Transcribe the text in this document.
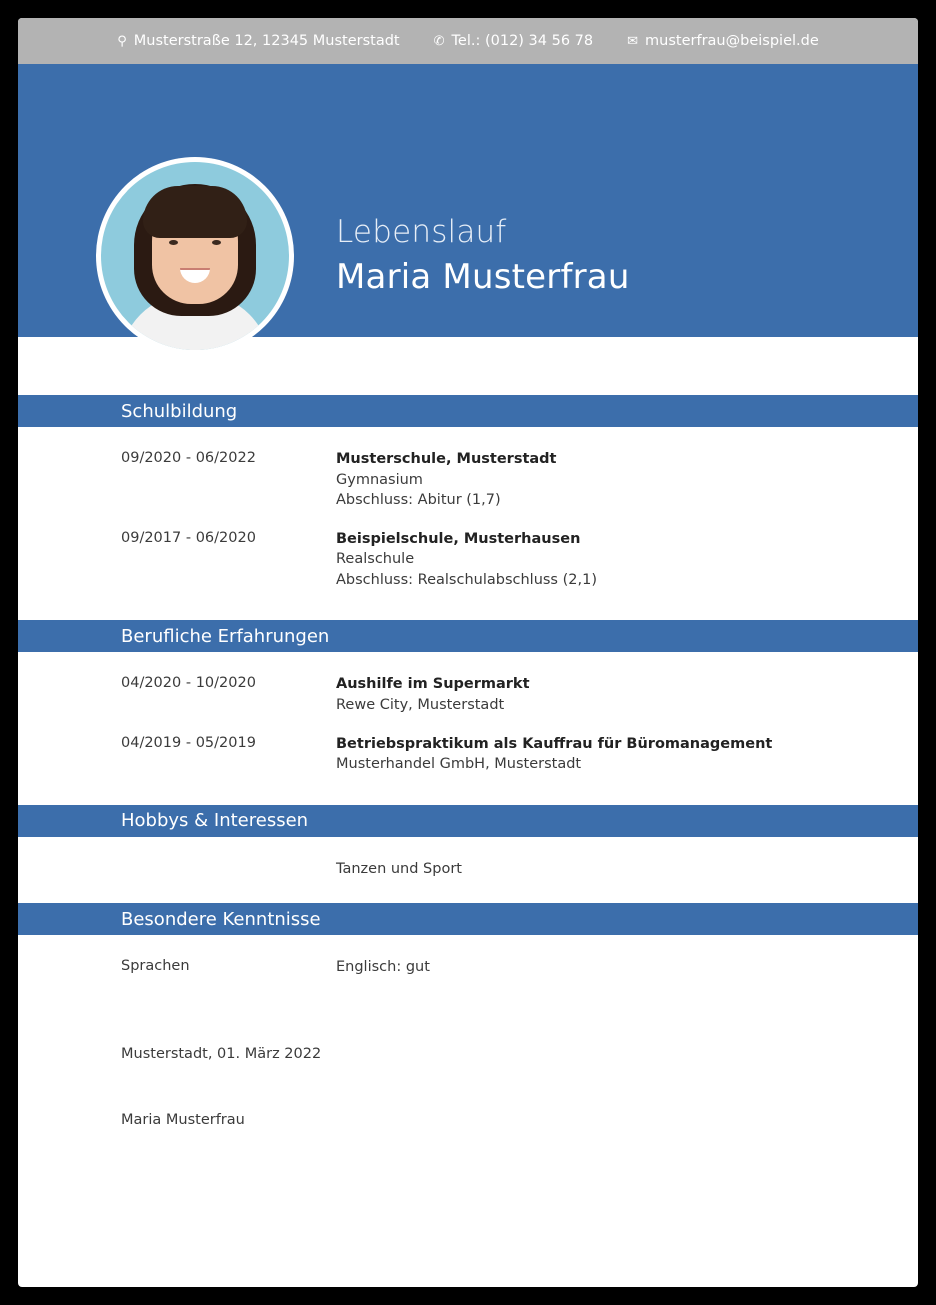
⚲ Musterstraße 12, 12345 Musterstadt	✆ Tel.: (012) 34 56 78	✉ musterfrau@beispiel.de
Lebenslauf
Maria Musterfrau
Schulbildung
09/2020 - 06/2022	Musterschule, Musterstadt
Gymnasium
Abschluss: Abitur (1,7)
09/2017 - 06/2020	Beispielschule, Musterhausen
Realschule
Abschluss: Realschulabschluss (2,1)
Berufliche Erfahrungen
04/2020 - 10/2020	Aushilfe im Supermarkt
Rewe City, Musterstadt
04/2019 - 05/2019	Betriebspraktikum als Kauffrau für Büromanagement
Musterhandel GmbH, Musterstadt
Hobbys & Interessen
Tanzen und Sport
Besondere Kenntnisse
Sprachen	Englisch: gut
Musterstadt, 01. März 2022
Maria Musterfrau
